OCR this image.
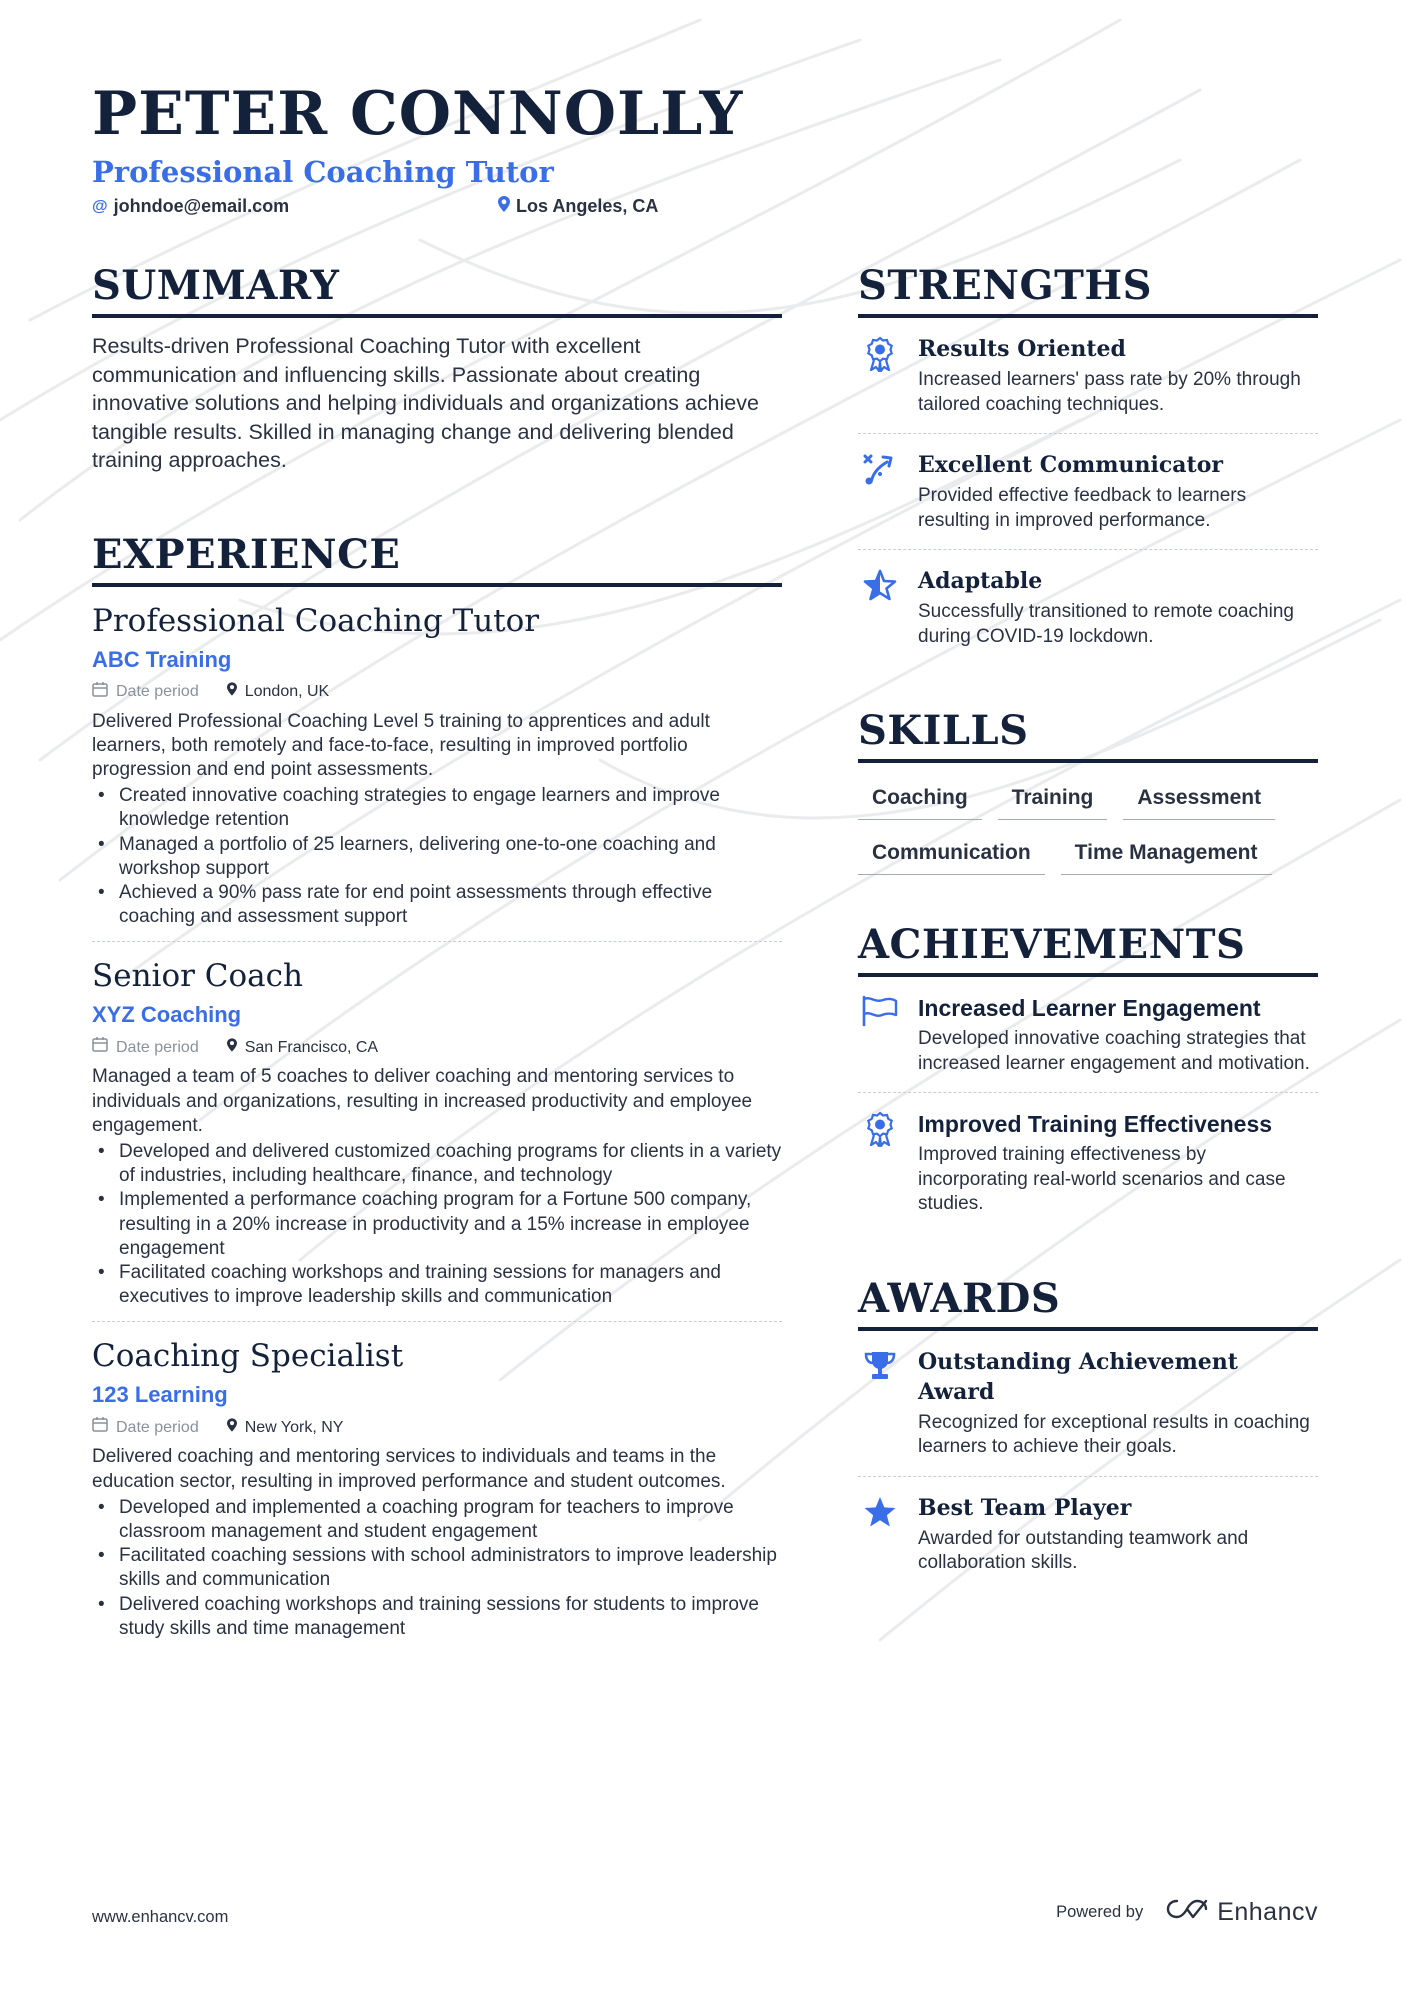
PETER CONNOLLY
Professional Coaching Tutor
@ johndoe@email.com	Los Angeles, CA
SUMMARY
Results-driven Professional Coaching Tutor with excellent communication and influencing skills. Passionate about creating innovative solutions and helping individuals and organizations achieve tangible results. Skilled in managing change and delivering blended training approaches.
EXPERIENCE
Professional Coaching Tutor
ABC Training
Date period	London, UK
Delivered Professional Coaching Level 5 training to apprentices and adult learners, both remotely and face-to-face, resulting in improved portfolio progression and end point assessments.
• Created innovative coaching strategies to engage learners and improve knowledge retention
• Managed a portfolio of 25 learners, delivering one-to-one coaching and workshop support
• Achieved a 90% pass rate for end point assessments through effective coaching and assessment support
Senior Coach
XYZ Coaching
Date period	San Francisco, CA
Managed a team of 5 coaches to deliver coaching and mentoring services to individuals and organizations, resulting in increased productivity and employee engagement.
• Developed and delivered customized coaching programs for clients in a variety of industries, including healthcare, finance, and technology
• Implemented a performance coaching program for a Fortune 500 company, resulting in a 20% increase in productivity and a 15% increase in employee engagement
• Facilitated coaching workshops and training sessions for managers and executives to improve leadership skills and communication
Coaching Specialist
123 Learning
Date period	New York, NY
Delivered coaching and mentoring services to individuals and teams in the education sector, resulting in improved performance and student outcomes.
• Developed and implemented a coaching program for teachers to improve classroom management and student engagement
• Facilitated coaching sessions with school administrators to improve leadership skills and communication
• Delivered coaching workshops and training sessions for students to improve study skills and time management
STRENGTHS
Results Oriented
Increased learners' pass rate by 20% through tailored coaching techniques.
Excellent Communicator
Provided effective feedback to learners resulting in improved performance.
Adaptable
Successfully transitioned to remote coaching during COVID-19 lockdown.
SKILLS
Coaching	Training	Assessment
Communication	Time Management
ACHIEVEMENTS
Increased Learner Engagement
Developed innovative coaching strategies that increased learner engagement and motivation.
Improved Training Effectiveness
Improved training effectiveness by incorporating real-world scenarios and case studies.
AWARDS
Outstanding Achievement Award
Recognized for exceptional results in coaching learners to achieve their goals.
Best Team Player
Awarded for outstanding teamwork and collaboration skills.
www.enhancv.com	Powered by	Enhancv
